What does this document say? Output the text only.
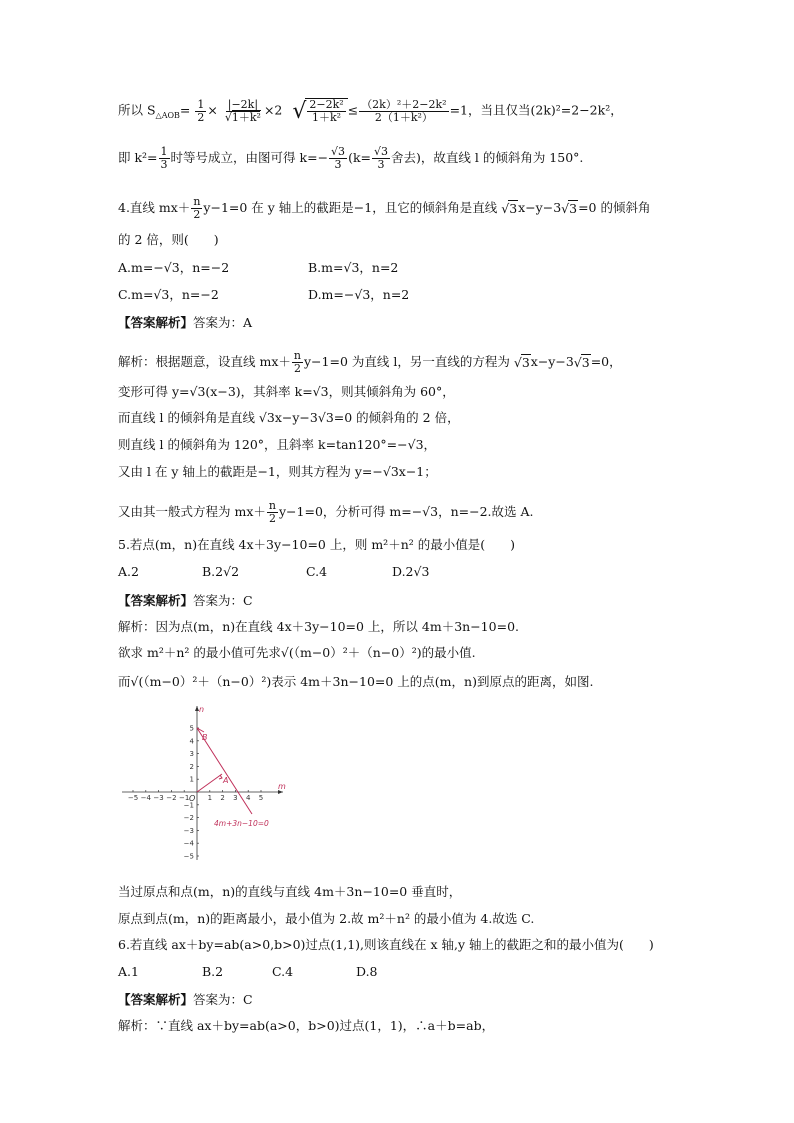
所以 $S_{\triangle AOB}= \frac{1}{2} \times \frac{|-2k|}{\text{√1＋k²}} \times 2$ √ $\frac{\text{2−2k²}}{\text{1＋k²}} \le \frac{\text{（2k）²＋2−2k²}}{\text{2（1＋k²）}} =1$，当且仅当(2k)²=2−2k²，
即 $k^2= \frac{1}{3}$ 时等号成立，由图可得 $k=- \frac{√3}{3} (k= \frac{√3}{3}$ 舍去)，故直线 l 的倾斜角为 150°.
4.直线 $mx+ \frac{n}{2} y-1=0$ 在 y 轴上的截距是−1，且它的倾斜角是直线 √3x−y−3√3=0 的倾斜角
的 2 倍，则(　　)
A.m=−√3，n=−2	B.m=√3，n=2
C.m=√3，n=−2	D.m=−√3，n=2
【答案解析】答案为：A
解析：根据题意，设直线 $mx+ \frac{n}{2} y-1=0$ 为直线 l，另一直线的方程为 √3x−y−3√3=0，
变形可得 y=√3(x−3)，其斜率 k=√3，则其倾斜角为 60°，
而直线 l 的倾斜角是直线 √3x−y−3√3=0 的倾斜角的 2 倍，
则直线 l 的倾斜角为 120°，且斜率 k=tan120°=−√3，
又由 l 在 y 轴上的截距是−1，则其方程为 y=−√3x−1；
又由其一般式方程为 $mx+ \frac{n}{2} y-1=0$，分析可得 m=−√3，n=−2.故选 A.
5.若点(m，n)在直线 4x＋3y−10=0 上，则 m²＋n² 的最小值是(　　)
A.2	B.2√2	C.4	D.2√3
【答案解析】答案为：C
解析：因为点(m，n)在直线 4x＋3y−10=0 上，所以 4m＋3n−10=0.
欲求 m²＋n² 的最小值可先求√(（m−0）²＋（n−0）²)的最小值.
而√(（m−0）²＋（n−0）²)表示 4m＋3n−10=0 上的点(m，n)到原点的距离，如图.
−5 −4 −3 −2 −1	1 2 3 4 5
5
4
3
2
1
−1
−2
−3
−4
−5
n
m
O
A
B
4m+3n−10=0
当过原点和点(m，n)的直线与直线 4m＋3n−10=0 垂直时，
原点到点(m，n)的距离最小，最小值为 2.故 m²＋n² 的最小值为 4.故选 C.
6.若直线 ax＋by=ab(a>0,b>0)过点(1,1),则该直线在 x 轴,y 轴上的截距之和的最小值为(　　)
A.1	B.2	C.4	D.8
【答案解析】答案为：C
解析：∵直线 ax＋by=ab(a>0，b>0)过点(1，1)，∴a＋b=ab，
